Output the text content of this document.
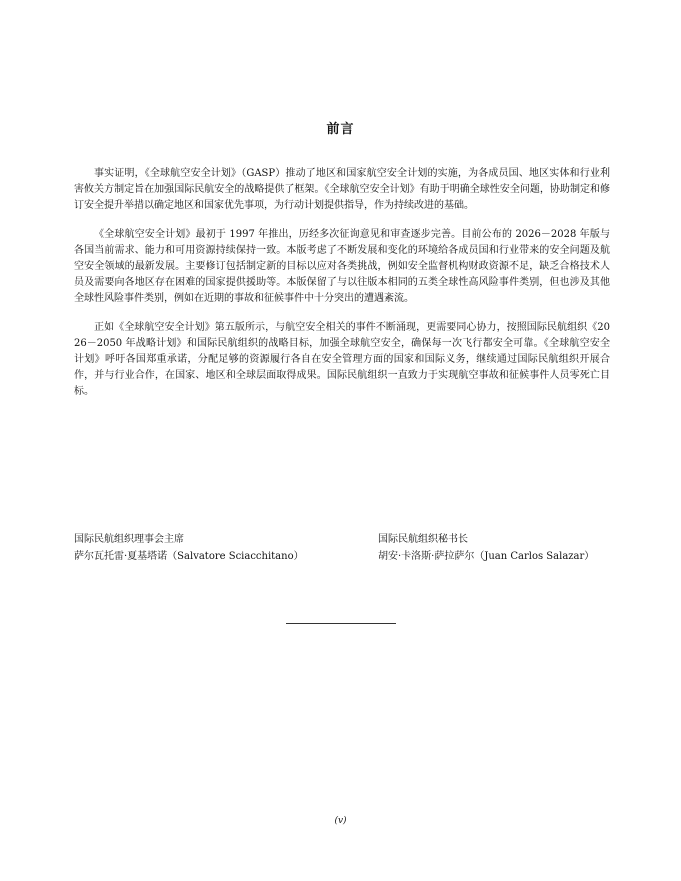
前言

事实证明，《全球航空安全计划》（GASP）推动了地区和国家航空安全计划的实施，为各成员国、地区实体和行业利害攸关方制定旨在加强国际民航安全的战略提供了框架。《全球航空安全计划》有助于明确全球性安全问题，协助制定和修订安全提升举措以确定地区和国家优先事项，为行动计划提供指导，作为持续改进的基础。

《全球航空安全计划》最初于 1997 年推出，历经多次征询意见和审查逐步完善。目前公布的 2026－2028 年版与各国当前需求、能力和可用资源持续保持一致。本版考虑了不断发展和变化的环境给各成员国和行业带来的安全问题及航空安全领域的最新发展。主要修订包括制定新的目标以应对各类挑战，例如安全监督机构财政资源不足，缺乏合格技术人员及需要向各地区存在困难的国家提供援助等。本版保留了与以往版本相同的五类全球性高风险事件类别，但也涉及其他全球性风险事件类别，例如在近期的事故和征候事件中十分突出的遭遇紊流。

正如《全球航空安全计划》第五版所示，与航空安全相关的事件不断涌现，更需要同心协力，按照国际民航组织《2026－2050 年战略计划》和国际民航组织的战略目标，加强全球航空安全，确保每一次飞行都安全可靠。《全球航空安全计划》呼吁各国郑重承诺，分配足够的资源履行各自在安全管理方面的国家和国际义务，继续通过国际民航组织开展合作，并与行业合作，在国家、地区和全球层面取得成果。国际民航组织一直致力于实现航空事故和征候事件人员零死亡目标。

国际民航组织理事会主席
萨尔瓦托雷·夏基塔诺（Salvatore Sciacchitano）
国际民航组织秘书长
胡安·卡洛斯·萨拉萨尔（Juan Carlos Salazar）
(v)
